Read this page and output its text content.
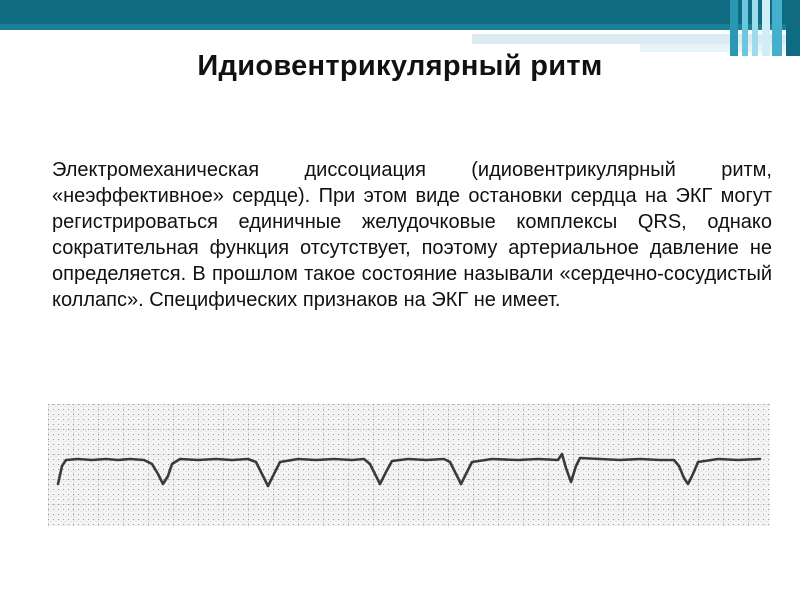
Идиовентрикулярный ритм
Электромеханическая диссоциация (идиовентрикулярный ритм, «неэффективное» сердце). При этом виде остановки сердца на ЭКГ могут регистрироваться единичные желудочковые комплексы QRS, однако сократительная функция отсутствует, поэтому артериальное давление не определяется. В прошлом такое состояние называли «сердечно-сосудистый коллапс». Специфических признаков на ЭКГ не имеет.
